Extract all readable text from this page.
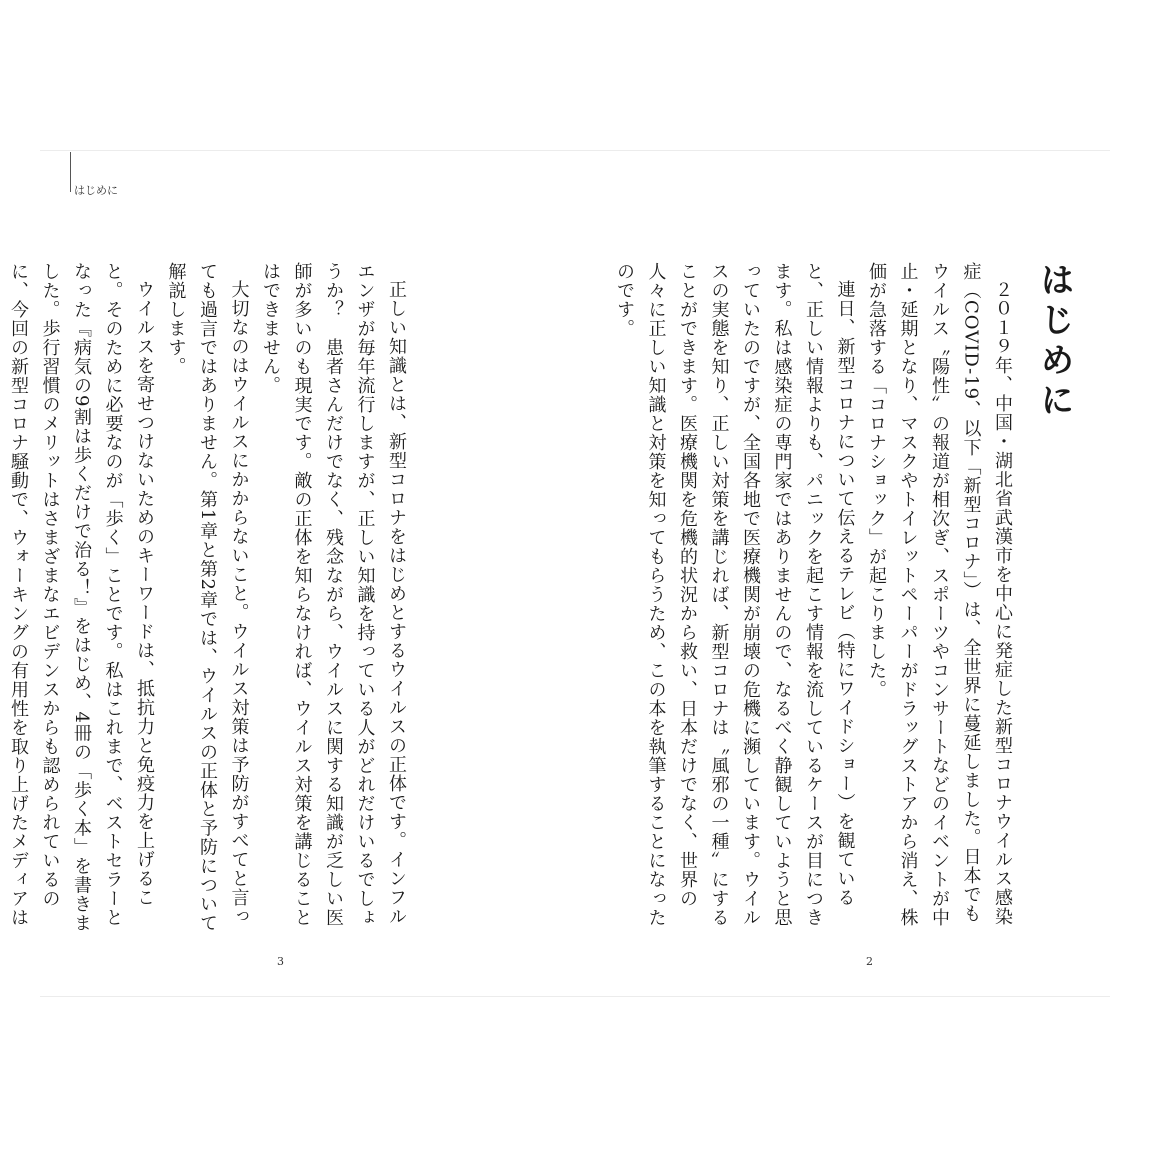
はじめに
はじめに

２０１９年、中国・湖北省武漢市を中心に発症した新型コロナウイルス感染症（COVID-19、以下「新型コロナ」）は、全世界に蔓延しました。日本でもウイルス〝陽性〟の報道が相次ぎ、スポーツやコンサートなどのイベントが中止・延期となり、マスクやトイレットペーパーがドラッグストアから消え、株価が急落する「コロナショック」が起こりました。

連日、新型コロナについて伝えるテレビ（特にワイドショー）を観ていると、正しい情報よりも、パニックを起こす情報を流しているケースが目につきます。私は感染症の専門家ではありませんので、なるべく静観していようと思っていたのですが、全国各地で医療機関が崩壊の危機に瀕しています。ウイルスの実態を知り、正しい対策を講じれば、新型コロナは〝風邪の一種〟にすることができます。医療機関を危機的状況から救い、日本だけでなく、世界の人々に正しい知識と対策を知ってもらうため、この本を執筆することになったのです。

正しい知識とは、新型コロナをはじめとするウイルスの正体です。インフルエンザが毎年流行しますが、正しい知識を持っている人がどれだけいるでしょうか？　患者さんだけでなく、残念ながら、ウイルスに関する知識が乏しい医師が多いのも現実です。敵の正体を知らなければ、ウイルス対策を講じることはできません。

大切なのはウイルスにかからないこと。ウイルス対策は予防がすべてと言っても過言ではありません。第1章と第2章では、ウイルスの正体と予防について解説します。

ウイルスを寄せつけないためのキーワードは、抵抗力と免疫力を上げること。そのために必要なのが「歩く」ことです。私はこれまで、ベストセラーとなった『病気の9割は歩くだけで治る！』をはじめ、4冊の「歩く本」を書きました。歩行習慣のメリットはさまざまなエビデンスからも認められているのに、今回の新型コロナ騒動で、ウォーキングの有用性を取り上げたメディアは

3	2
